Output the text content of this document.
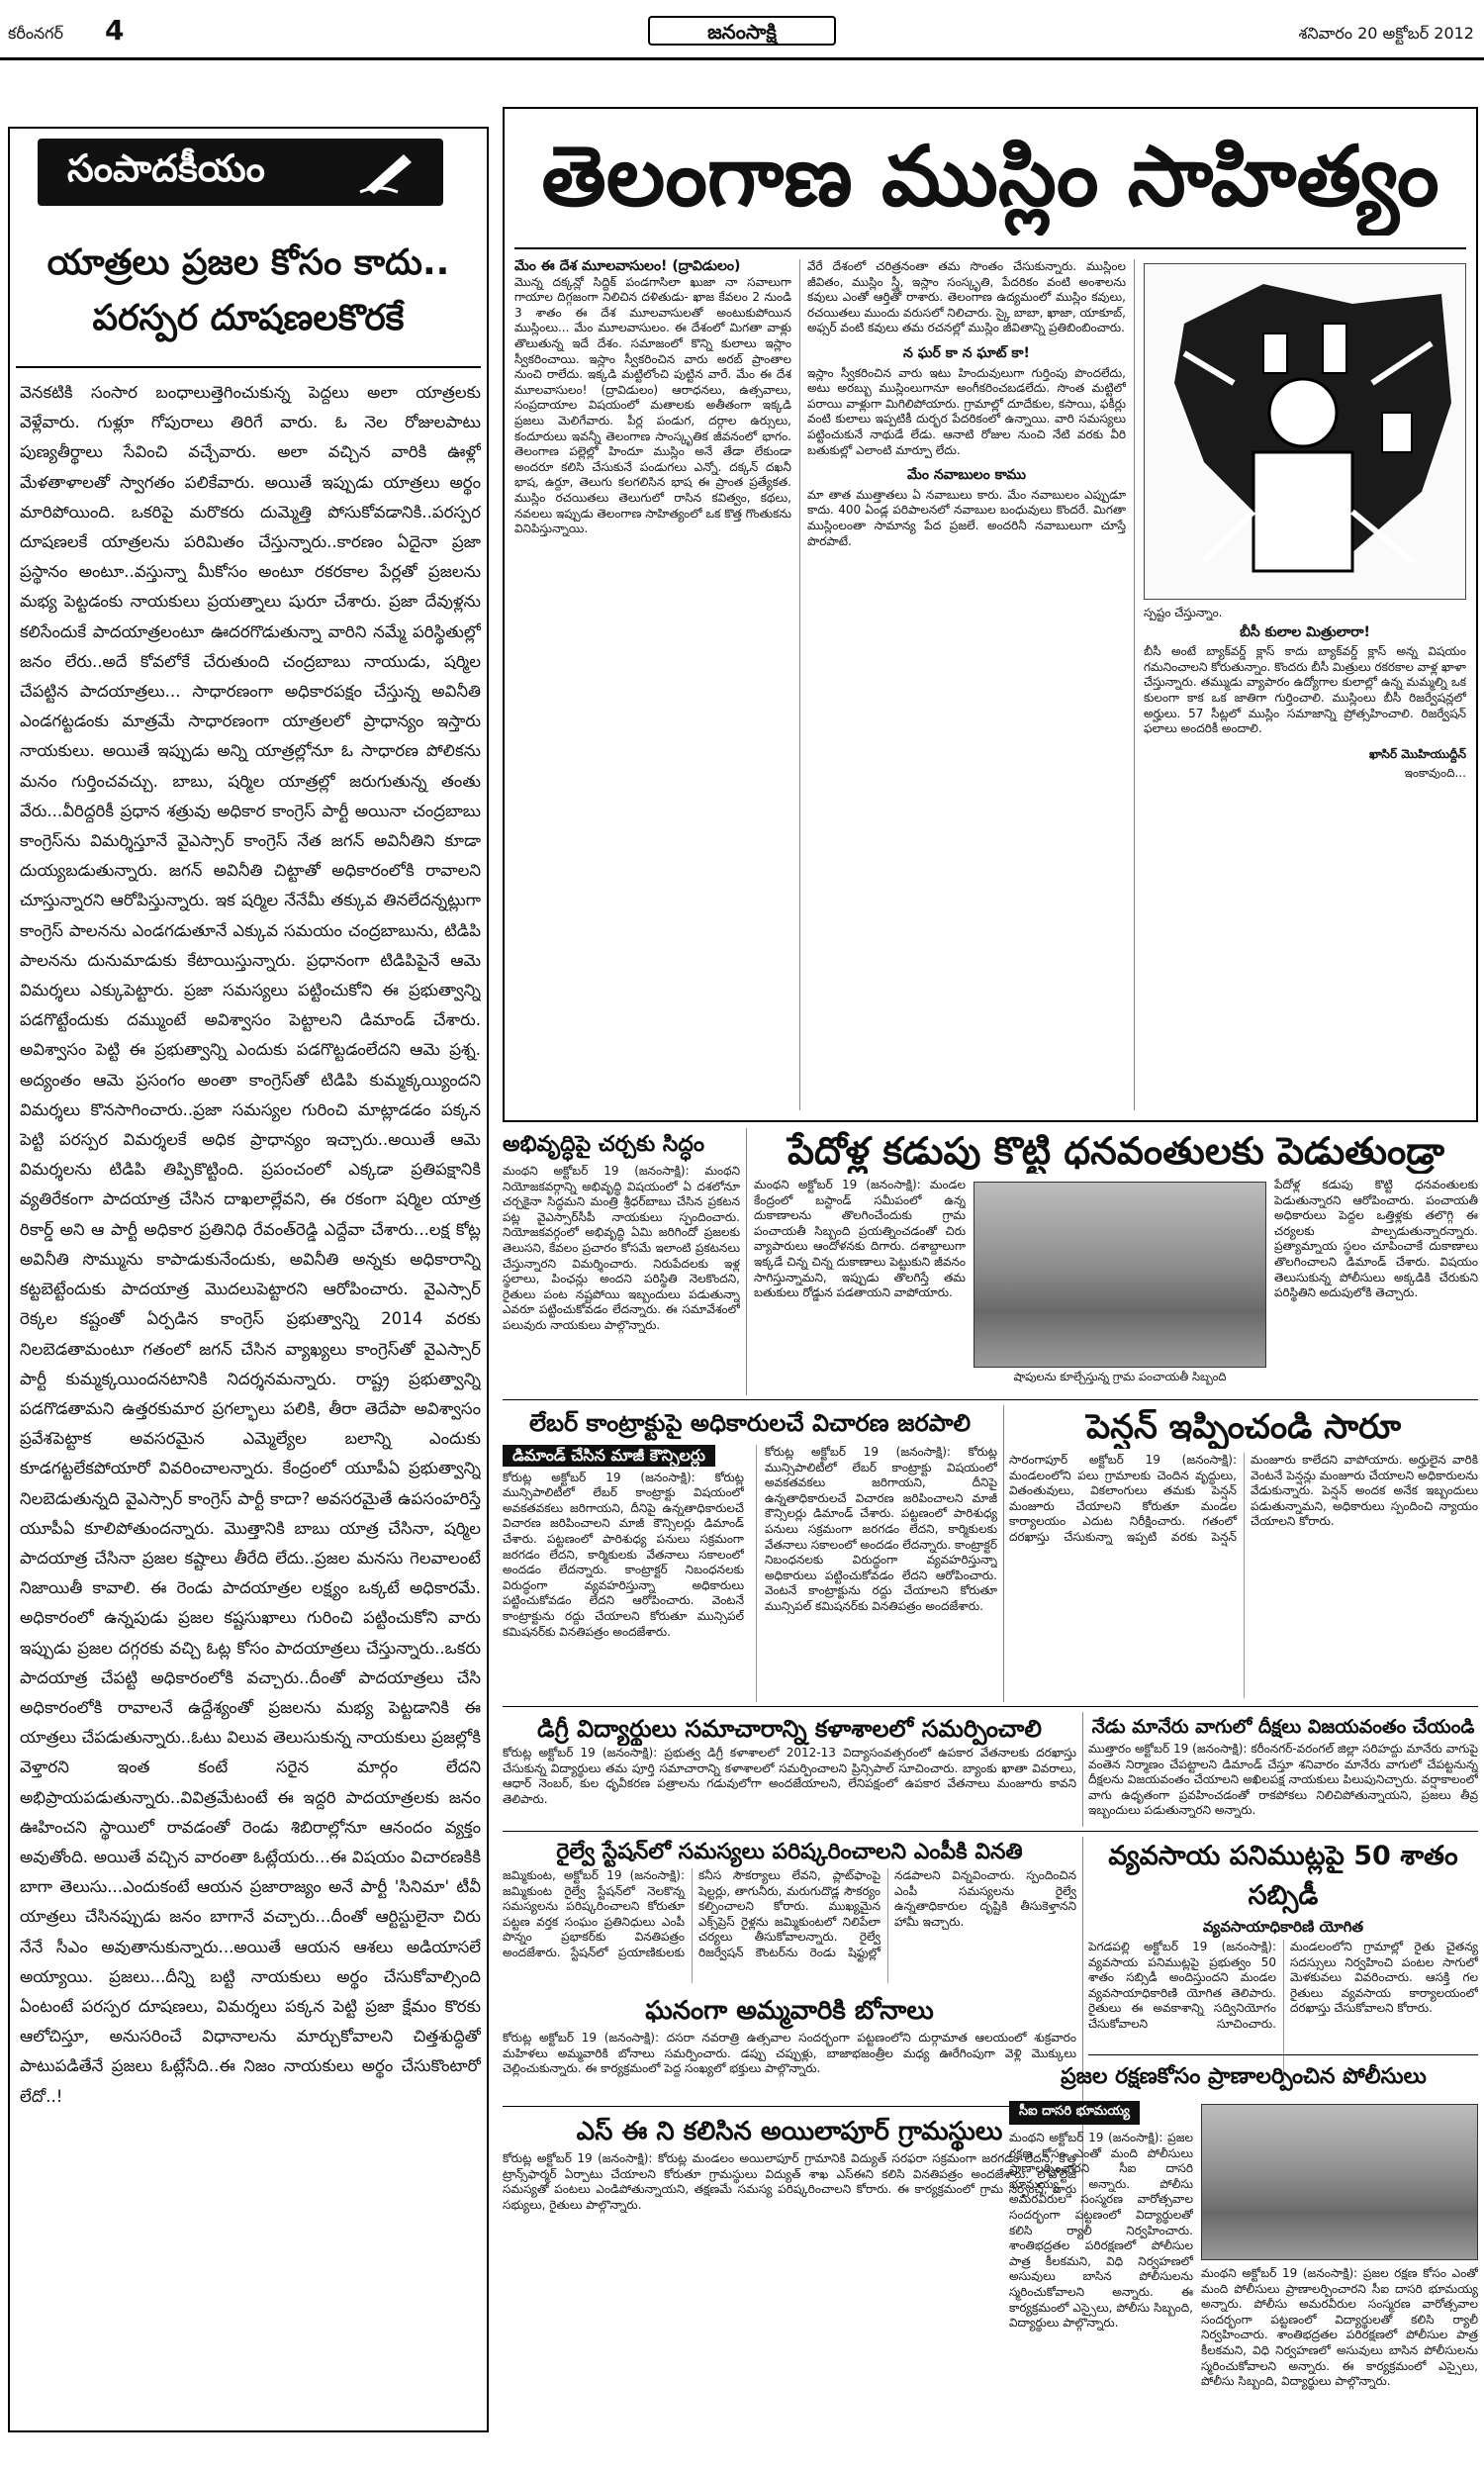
కరీంనగర్ 4	జనంసాక్షి	శనివారం 20 అక్టోబర్ 2012
సంపాదకీయం
యాత్రలు ప్రజల కోసం కాదు..
పరస్పర దూషణలకొరకే
వెనకటికి సంసార బంధాలుత్తెగించుకున్న పెద్దలు అలా యాత్రలకు వెళ్లేవారు. గుళ్లూ గోపురాలు తిరిగే వారు. ఓ నెల రోజులపాటు పుణ్యతీర్థాలు సేవించి వచ్చేవారు. అలా వచ్చిన వారికి ఊళ్లో మేళతాళాలతో స్వాగతం పలికేవారు. అయితే ఇప్పుడు యాత్రలు అర్థం మారిపోయింది. ఒకరిపై మరొకరు దుమ్మెత్తి పోసుకోవడానికి..పరస్పర దూషణలకే యాత్రలను పరిమితం చేస్తున్నారు..కారణం ఏదైనా ప్రజా ప్రస్థానం అంటూ..వస్తున్నా మీకోసం అంటూ రకరకాల పేర్లతో ప్రజలను మభ్య పెట్టడంకు నాయకులు ప్రయత్నాలు షురూ చేశారు. ప్రజా దేవుళ్లను కలిసేందుకే పాదయాత్రలంటూ ఊదరగొడుతున్నా వారిని నమ్మే పరిస్థితుల్లో జనం లేరు..అదే కోవలోకే చేరుతుంది చంద్రబాబు నాయుడు, షర్మిల చేపట్టిన పాదయాత్రలు... సాధారణంగా అధికారపక్షం చేస్తున్న అవినీతి ఎండగట్టడంకు మాత్రమే సాధారణంగా యాత్రలలో ప్రాధాన్యం ఇస్తారు నాయకులు. అయితే ఇప్పుడు అన్ని యాత్రల్లోనూ ఓ సాధారణ పోలికను మనం గుర్తించవచ్చు. బాబు, షర్మిల యాత్రల్లో జరుగుతున్న తంతు వేరు...వీరిద్దరికీ ప్రధాన శత్రువు అధికార కాంగ్రెస్ పార్టీ అయినా చంద్రబాబు కాంగ్రెస్‌ను విమర్శిస్తూనే వైఎస్సార్ కాంగ్రెస్ నేత జగన్ అవినీతిని కూడా దుయ్యబడుతున్నారు. జగన్ అవినీతి చిట్టాతో అధికారంలోకి రావాలని చూస్తున్నారని ఆరోపిస్తున్నారు. ఇక షర్మిల నేనేమీ తక్కువ తినలేదన్నట్లుగా కాంగ్రెస్ పాలనను ఎండగడుతూనే ఎక్కువ సమయం చంద్రబాబును, టిడిపి పాలనను దునుమాడుకు కేటాయిస్తున్నారు. ప్రధానంగా టిడిపిపైనే ఆమె విమర్శలు ఎక్కుపెట్టారు. ప్రజా సమస్యలు పట్టించుకోని ఈ ప్రభుత్వాన్ని పడగొట్టేందుకు దమ్ముంటే అవిశ్వాసం పెట్టాలని డిమాండ్ చేశారు. అవిశ్వాసం పెట్టి ఈ ప్రభుత్వాన్ని ఎందుకు పడగొట్టడంలేదని ఆమె ప్రశ్న. అద్యంతం ఆమె ప్రసంగం అంతా కాంగ్రెస్‌తో టిడిపి కుమ్మక్కయ్యిందని విమర్శలు కొనసాగించారు..ప్రజా సమస్యల గురించి మాట్లాడడం పక్కన పెట్టి పరస్పర విమర్శలకే అధిక ప్రాధాన్యం ఇచ్చారు..అయితే ఆమె విమర్శలను టిడిపి తిప్పికొట్టింది. ప్రపంచంలో ఎక్కడా ప్రతిపక్షానికి వ్యతిరేకంగా పాదయాత్ర చేసిన దాఖలాల్లేవని, ఈ రకంగా షర్మిల యాత్ర రికార్డ్ అని ఆ పార్టీ అధికార ప్రతినిధి రేవంత్‌రెడ్డి ఎద్దేవా చేశారు...లక్ష కోట్ల అవినీతి సొమ్మును కాపాడుకునేందుకు, అవినీతి అన్నకు అధికారాన్ని కట్టబెట్టేందుకు పాదయాత్ర మొదలుపెట్టారని ఆరోపించారు. వైఎస్సార్ రెక్కల కష్టంతో ఏర్పడిన కాంగ్రెస్ ప్రభుత్వాన్ని 2014 వరకు నిలబెడతామంటూ గతంలో జగన్ చేసిన వ్యాఖ్యలు కాంగ్రెస్‌తో వైఎస్సార్ పార్టీ కుమ్మక్కయిందనటానికి నిదర్శనమన్నారు. రాష్ట్ర ప్రభుత్వాన్ని పడగొడతామని ఉత్తరకుమార ప్రగల్భాలు పలికి, తీరా తెదేపా అవిశ్వాసం ప్రవేశపెట్టాక అవసరమైన ఎమ్మెల్యేల బలాన్ని ఎందుకు కూడగట్టలేకపోయారో వివరించాలన్నారు. కేంద్రంలో యూపీఏ ప్రభుత్వాన్ని నిలబెడుతున్నది వైఎస్సార్ కాంగ్రెస్ పార్టీ కాదా? అవసరమైతే ఉపసంహరిస్తే యూపీఏ కూలిపోతుందన్నారు. మొత్తానికి బాబు యాత్ర చేసినా, షర్మిల పాదయాత్ర చేసినా ప్రజల కష్టాలు తీరేది లేదు..ప్రజల మనసు గెలవాలంటే నిజాయితీ కావాలి. ఈ రెండు పాదయాత్రల లక్ష్యం ఒక్కటే అధికారమే. అధికారంలో ఉన్నపుడు ప్రజల కష్టసుఖాలు గురించి పట్టించుకోని వారు ఇప్పుడు ప్రజల దగ్గరకు వచ్చి ఓట్ల కోసం పాదయాత్రలు చేస్తున్నారు..ఒకరు పాదయాత్ర చేపట్టి అధికారంలోకి వచ్చారు..దీంతో పాదయాత్రలు చేసి అధికారంలోకి రావాలనే ఉద్దేశ్యంతో ప్రజలను మభ్య పెట్టడానికి ఈ యాత్రలు చేపడుతున్నారు..ఓటు విలువ తెలుసుకున్న నాయకులు ప్రజల్లోకి వెళ్తారని ఇంత కంటే సరైన మార్గం లేదని అభిప్రాయపడుతున్నారు..వివిత్రమేటంటే ఈ ఇద్దరి పాదయాత్రలకు జనం ఊహించని స్థాయిలో రావడంతో రెండు శిబిరాల్లోనూ ఆనందం వ్యక్తం అవుతోంది. అయితే వచ్చిన వారంతా ఓట్లేయరు...ఈ విషయం విచారణకికి బాగా తెలుసు...ఎందుకంటే ఆయన ప్రజారాజ్యం అనే పార్టీ 'సినిమా' టీవీ యాత్రలు చేసినప్పుడు జనం బాగానే వచ్చారు...దీంతో ఆర్టిస్టులైనా చిరు నేనే సీఎం అవుతానుకున్నారు...అయితే ఆయన ఆశలు అడియాసలే అయ్యాయి. ప్రజలు...దీన్ని బట్టి నాయకులు అర్థం చేసుకోవాల్సింది ఏంటంటే పరస్పర దూషణలు, విమర్శలు పక్కన పెట్టి ప్రజా క్షేమం కొరకు ఆలోచిస్తూ, అనుసరించే విధానాలను మార్చుకోవాలని చిత్తశుద్ధితో పాటుపడితేనే ప్రజలు ఓట్లేసేది..ఈ నిజం నాయకులు అర్థం చేసుకొంటారో లేదో..!
తెలంగాణ ముస్లిం సాహిత్యం
మేం ఈ దేశ మూలవాసులం! (ద్రావిడులం)
మొన్న దక్కన్లో సిద్దిక్ పండగాసిలా ఖుజా నా సవాలుగా గాయాల దిగ్గజంగా నిలిచిన దళితుడు- ఖాజ కేవలం 2 నుండి 3 శాతం ఈ దేశ మూలవాసులతో అంటుకుపోయిన ముస్లింలు... మేం మూలవాసులం. ఈ దేశంలో మిగతా వాళ్లు తొలుతున్న ఇదే దేశం. సమాజంలో కొన్ని కులాలు ఇస్లాం స్వీకరించాయి. ఇస్లాం స్వీకరించిన వారు అరబ్ ప్రాంతాల నుంచి రాలేదు. ఇక్కడి మట్టిలోంచి పుట్టిన వారే. మేం ఈ దేశ మూలవాసులం! (ద్రావిడులం) ఆరాధనలు, ఉత్సవాలు, సంప్రదాయాల విషయంలో మతాలకు అతీతంగా ఇక్కడి ప్రజలు మెలిగేవారు. పీర్ల పండుగ, దర్గాల ఉర్సులు, కందూరులు ఇవన్నీ తెలంగాణ సాంస్కృతిక జీవనంలో భాగం. తెలంగాణ పల్లెల్లో హిందూ ముస్లిం అనే తేడా లేకుండా అందరూ కలిసి చేసుకునే పండుగలు ఎన్నో. దక్కన్ దఖనీ భాష, ఉర్దూ, తెలుగు కలగలిసిన భాష ఈ ప్రాంత ప్రత్యేకత. ముస్లిం రచయితలు తెలుగులో రాసిన కవిత్వం, కథలు, నవలలు ఇప్పుడు తెలంగాణ సాహిత్యంలో ఒక కొత్త గొంతుకను వినిపిస్తున్నాయి.
వేరే దేశంలో చరిత్రనంతా తమ సొంతం చేసుకున్నారు. ముస్లింల జీవితం, ముస్లిం స్త్రీ, ఇస్లాం సంస్కృతి, పేదరికం వంటి అంశాలను కవులు ఎంతో ఆర్తితో రాశారు. తెలంగాణ ఉద్యమంలో ముస్లిం కవులు, రచయితలు ముందు వరుసలో నిలిచారు. స్కై బాబా, ఖాజా, యాకూబ్, అఫ్సర్ వంటి కవులు తమ రచనల్లో ముస్లిం జీవితాన్ని ప్రతిబింబించారు.
న ఘర్ కా న ఘాట్ కా!
ఇస్లాం స్వీకరించిన వారు ఇటు హిందువులుగా గుర్తింపు పొందలేదు, అటు అరబ్బు ముస్లింలుగానూ అంగీకరించబడలేదు. సొంత మట్టిలో పరాయి వాళ్లుగా మిగిలిపోయారు. గ్రామాల్లో దూదేకుల, కసాయి, ఫకీర్లు వంటి కులాలు ఇప్పటికీ దుర్భర పేదరికంలో ఉన్నాయి. వారి సమస్యలు పట్టించుకునే నాథుడే లేడు. ఆనాటి రోజుల నుంచి నేటి వరకు వీరి బతుకుల్లో ఎలాంటి మార్పూ లేదు.
మేం నవాబులం కాము
మా తాత ముత్తాతలు ఏ నవాబులు కారు. మేం నవాబులం ఎప్పుడూ కాదు. 400 ఏండ్ల పరిపాలనలో నవాబుల బంధువులు కొందరే. మిగతా ముస్లింలంతా సామాన్య పేద ప్రజలే. అందరినీ నవాబులుగా చూస్తే పొరపాటే.
స్పష్టం చేస్తున్నాం.
బీసీ కులాల మిత్రులారా!
బీసీ అంటే బ్యాక్‌వర్డ్ క్లాస్ కాదు బ్యాక్‌వర్డ్ క్లాస్ అన్న విషయం గమనించాలని కోరుతున్నాం. కొందరు బీసీ మిత్రులు రకరకాల వాళ్ల ఖాళా చేస్తున్నారు. తమ్ముడు వ్యాపారం ఉద్యోగాల కులాల్లో ఉన్న మమ్మల్ని ఒక కులంగా కాక ఒక జాతిగా గుర్తించాలి. ముస్లింలు బీసీ రిజర్వేషన్లలో అర్హులు. 57 సీట్లలో ముస్లిం సమాజాన్ని ప్రోత్సహించాలి. రిజర్వేషన్ ఫలాలు అందరికీ అందాలి.
ఖాసిర్ మొహియుద్దీన్
ఇంకావుంది...
అభివృద్ధిపై చర్చకు సిద్ధం
మంథని అక్టోబర్ 19 (జనంసాక్షి): మంథని నియోజకవర్గాన్ని అభివృద్ధి విషయంలో ఏ దశలోనూ చర్చకైనా సిద్ధమని మంత్రి శ్రీధర్‌బాబు చేసిన ప్రకటన పట్ల వైఎస్సార్‌సీపీ నాయకులు స్పందించారు. నియోజకవర్గంలో అభివృద్ధి ఏమి జరిగిందో ప్రజలకు తెలుసని, కేవలం ప్రచారం కోసమే ఇలాంటి ప్రకటనలు చేస్తున్నారని విమర్శించారు. నిరుపేదలకు ఇళ్ల స్థలాలు, పింఛన్లు అందని పరిస్థితి నెలకొందని, రైతులు పంట నష్టపోయి ఇబ్బందులు పడుతున్నా ఎవరూ పట్టించుకోవడం లేదన్నారు. ఈ సమావేశంలో పలువురు నాయకులు పాల్గొన్నారు.
పేదోళ్ల కడుపు కొట్టి ధనవంతులకు పెడుతుండ్రా
మంథని అక్టోబర్ 19 (జనంసాక్షి): మండల కేంద్రంలో బస్టాండ్ సమీపంలో ఉన్న దుకాణాలను తొలగించేందుకు గ్రామ పంచాయతీ సిబ్బంది ప్రయత్నించడంతో చిరు వ్యాపారులు ఆందోళనకు దిగారు. దశాబ్దాలుగా ఇక్కడే చిన్న చిన్న దుకాణాలు పెట్టుకుని జీవనం సాగిస్తున్నామని, ఇప్పుడు తొలగిస్తే తమ బతుకులు రోడ్డున పడతాయని వాపోయారు.
షాపులను కూల్చేస్తున్న గ్రామ పంచాయతీ సిబ్బంది
పేదోళ్ల కడుపు కొట్టి ధనవంతులకు పెడుతున్నారని ఆరోపించారు. పంచాయతీ అధికారులు పెద్దల ఒత్తిళ్లకు తలొగ్గి ఈ చర్యలకు పాల్పడుతున్నారన్నారు. ప్రత్యామ్నాయ స్థలం చూపించాకే దుకాణాలు తొలగించాలని డిమాండ్ చేశారు. విషయం తెలుసుకున్న పోలీసులు అక్కడికి చేరుకుని పరిస్థితిని అదుపులోకి తెచ్చారు.
లేబర్ కాంట్రాక్టుపై అధికారులచే విచారణ జరపాలి
డిమాండ్ చేసిన మాజీ కౌన్సిలర్లు
కోరుట్ల అక్టోబర్ 19 (జనంసాక్షి): కోరుట్ల మున్సిపాలిటీలో లేబర్ కాంట్రాక్టు విషయంలో అవకతవకలు జరిగాయని, దీనిపై ఉన్నతాధికారులచే విచారణ జరిపించాలని మాజీ కౌన్సిలర్లు డిమాండ్ చేశారు. పట్టణంలో పారిశుధ్య పనులు సక్రమంగా జరగడం లేదని, కార్మికులకు వేతనాలు సకాలంలో అందడం లేదన్నారు. కాంట్రాక్టర్ నిబంధనలకు విరుద్ధంగా వ్యవహరిస్తున్నా అధికారులు పట్టించుకోవడం లేదని ఆరోపించారు. వెంటనే కాంట్రాక్టును రద్దు చేయాలని కోరుతూ మున్సిపల్ కమిషనర్‌కు వినతిపత్రం అందజేశారు.
కోరుట్ల అక్టోబర్ 19 (జనంసాక్షి): కోరుట్ల మున్సిపాలిటీలో లేబర్ కాంట్రాక్టు విషయంలో అవకతవకలు జరిగాయని, దీనిపై ఉన్నతాధికారులచే విచారణ జరిపించాలని మాజీ కౌన్సిలర్లు డిమాండ్ చేశారు. పట్టణంలో పారిశుధ్య పనులు సక్రమంగా జరగడం లేదని, కార్మికులకు వేతనాలు సకాలంలో అందడం లేదన్నారు. కాంట్రాక్టర్ నిబంధనలకు విరుద్ధంగా వ్యవహరిస్తున్నా అధికారులు పట్టించుకోవడం లేదని ఆరోపించారు. వెంటనే కాంట్రాక్టును రద్దు చేయాలని కోరుతూ మున్సిపల్ కమిషనర్‌కు వినతిపత్రం అందజేశారు.
పెన్షన్ ఇప్పించండి సారూ
సారంగాపూర్ అక్టోబర్ 19 (జనంసాక్షి): మండలంలోని పలు గ్రామాలకు చెందిన వృద్ధులు, వితంతువులు, వికలాంగులు తమకు పెన్షన్ మంజూరు చేయాలని కోరుతూ మండల కార్యాలయం ఎదుట నిరీక్షించారు. గతంలో దరఖాస్తు చేసుకున్నా ఇప్పటి వరకు పెన్షన్ మంజూరు కాలేదని వాపోయారు. అర్హులైన వారికి వెంటనే పెన్షన్లు మంజూరు చేయాలని అధికారులను వేడుకున్నారు. పెన్షన్ అందక అనేక ఇబ్బందులు పడుతున్నామని, అధికారులు స్పందించి న్యాయం చేయాలని కోరారు.
డిగ్రీ విద్యార్థులు సమాచారాన్ని కళాశాలలో సమర్పించాలి
కోరుట్ల అక్టోబర్ 19 (జనంసాక్షి): ప్రభుత్వ డిగ్రీ కళాశాలలో 2012-13 విద్యాసంవత్సరంలో ఉపకార వేతనాలకు దరఖాస్తు చేసుకున్న విద్యార్థులు తమ పూర్తి సమాచారాన్ని కళాశాలలో సమర్పించాలని ప్రిన్సిపాల్ సూచించారు. బ్యాంకు ఖాతా వివరాలు, ఆధార్ నెంబర్, కుల ధృవీకరణ పత్రాలను గడువులోగా అందజేయాలని, లేనిపక్షంలో ఉపకార వేతనాలు మంజూరు కావని తెలిపారు.
నేడు మానేరు వాగులో దీక్షలు విజయవంతం చేయండి
ముత్తారం అక్టోబర్ 19 (జనంసాక్షి): కరీంనగర్-వరంగల్ జిల్లా సరిహద్దు మానేరు వాగుపై వంతెన నిర్మాణం చేపట్టాలని డిమాండ్ చేస్తూ శనివారం మానేరు వాగులో చేపట్టనున్న దీక్షలను విజయవంతం చేయాలని అఖిలపక్ష నాయకులు పిలుపునిచ్చారు. వర్షాకాలంలో వాగు ఉధృతంగా ప్రవహించడంతో రాకపోకలు నిలిచిపోతున్నాయని, ప్రజలు తీవ్ర ఇబ్బందులు పడుతున్నారని అన్నారు.
రైల్వే స్టేషన్‌లో సమస్యలు పరిష్కరించాలని ఎంపీకి వినతి
జమ్మికుంట, అక్టోబర్ 19 (జనంసాక్షి): జమ్మికుంట రైల్వే స్టేషన్‌లో నెలకొన్న సమస్యలను పరిష్కరించాలని కోరుతూ పట్టణ వర్తక సంఘం ప్రతినిధులు ఎంపీ పొన్నం ప్రభాకర్‌కు వినతిపత్రం అందజేశారు. స్టేషన్‌లో ప్రయాణికులకు కనీస సౌకర్యాలు లేవని, ప్లాట్‌ఫాంపై షెల్టర్లు, తాగునీరు, మరుగుదొడ్ల సౌకర్యం కల్పించాలని కోరారు. ముఖ్యమైన ఎక్స్‌ప్రెస్ రైళ్లను జమ్మికుంటలో నిలిపేలా చర్యలు తీసుకోవాలన్నారు. రైల్వే రిజర్వేషన్ కౌంటర్‌ను రెండు షిఫ్టుల్లో నడపాలని విన్నవించారు. స్పందించిన ఎంపీ సమస్యలను రైల్వే ఉన్నతాధికారుల దృష్టికి తీసుకెళ్తానని హామీ ఇచ్చారు.
ఘనంగా అమ్మవారికి బోనాలు
కోరుట్ల అక్టోబర్ 19 (జనంసాక్షి): దసరా నవరాత్రి ఉత్సవాల సందర్భంగా పట్టణంలోని దుర్గామాత ఆలయంలో శుక్రవారం మహిళలు అమ్మవారికి బోనాలు సమర్పించారు. డప్పు చప్పుళ్లు, బాజాభజంత్రీల మధ్య ఊరేగింపుగా వెళ్లి మొక్కులు చెల్లించుకున్నారు. ఈ కార్యక్రమంలో పెద్ద సంఖ్యలో భక్తులు పాల్గొన్నారు.
ఎస్ ఈ ని కలిసిన అయిలాపూర్ గ్రామస్థులు
కోరుట్ల అక్టోబర్ 19 (జనంసాక్షి): కోరుట్ల మండలం అయిలాపూర్ గ్రామానికి విద్యుత్ సరఫరా సక్రమంగా జరగడం లేదని, కొత్త ట్రాన్స్‌ఫార్మర్ ఏర్పాటు చేయాలని కోరుతూ గ్రామస్థులు విద్యుత్ శాఖ ఎస్ఈని కలిసి వినతిపత్రం అందజేశారు. లోవోల్టేజీ సమస్యతో పంటలు ఎండిపోతున్నాయని, తక్షణమే సమస్య పరిష్కరించాలని కోరారు. ఈ కార్యక్రమంలో గ్రామ సర్పంచ్, వార్డు సభ్యులు, రైతులు పాల్గొన్నారు.
వ్యవసాయ పనిముట్లపై 50 శాతం సబ్సిడీ
వ్యవసాయాధికారిణి యోగిత
పెగడపల్లి అక్టోబర్ 19 (జనంసాక్షి): వ్యవసాయ పనిముట్లపై ప్రభుత్వం 50 శాతం సబ్సిడీ అందిస్తుందని మండల వ్యవసాయాధికారిణి యోగిత తెలిపారు. రైతులు ఈ అవకాశాన్ని సద్వినియోగం చేసుకోవాలని సూచించారు. మండలంలోని గ్రామాల్లో రైతు చైతన్య సదస్సులు నిర్వహించి పంటల సాగులో మెళకువలు వివరించారు. ఆసక్తి గల రైతులు వ్యవసాయ కార్యాలయంలో దరఖాస్తు చేసుకోవాలని కోరారు.
ప్రజల రక్షణకోసం ప్రాణాలర్పించిన పోలీసులు
సీఐ దాసరి భూమయ్య
మంథని అక్టోబర్ 19 (జనంసాక్షి): ప్రజల రక్షణ కోసం ఎంతో మంది పోలీసులు ప్రాణాలర్పించారని సీఐ దాసరి భూమయ్య అన్నారు. పోలీసు అమరవీరుల సంస్మరణ వారోత్సవాల సందర్భంగా పట్టణంలో విద్యార్థులతో కలిసి ర్యాలీ నిర్వహించారు. శాంతిభద్రతల పరిరక్షణలో పోలీసుల పాత్ర కీలకమని, విధి నిర్వహణలో అసువులు బాసిన పోలీసులను స్మరించుకోవాలని అన్నారు. ఈ కార్యక్రమంలో ఎస్సైలు, పోలీసు సిబ్బంది, విద్యార్థులు పాల్గొన్నారు.
మంథని అక్టోబర్ 19 (జనంసాక్షి): ప్రజల రక్షణ కోసం ఎంతో మంది పోలీసులు ప్రాణాలర్పించారని సీఐ దాసరి భూమయ్య అన్నారు. పోలీసు అమరవీరుల సంస్మరణ వారోత్సవాల సందర్భంగా పట్టణంలో విద్యార్థులతో కలిసి ర్యాలీ నిర్వహించారు. శాంతిభద్రతల పరిరక్షణలో పోలీసుల పాత్ర కీలకమని, విధి నిర్వహణలో అసువులు బాసిన పోలీసులను స్మరించుకోవాలని అన్నారు. ఈ కార్యక్రమంలో ఎస్సైలు, పోలీసు సిబ్బంది, విద్యార్థులు పాల్గొన్నారు.
